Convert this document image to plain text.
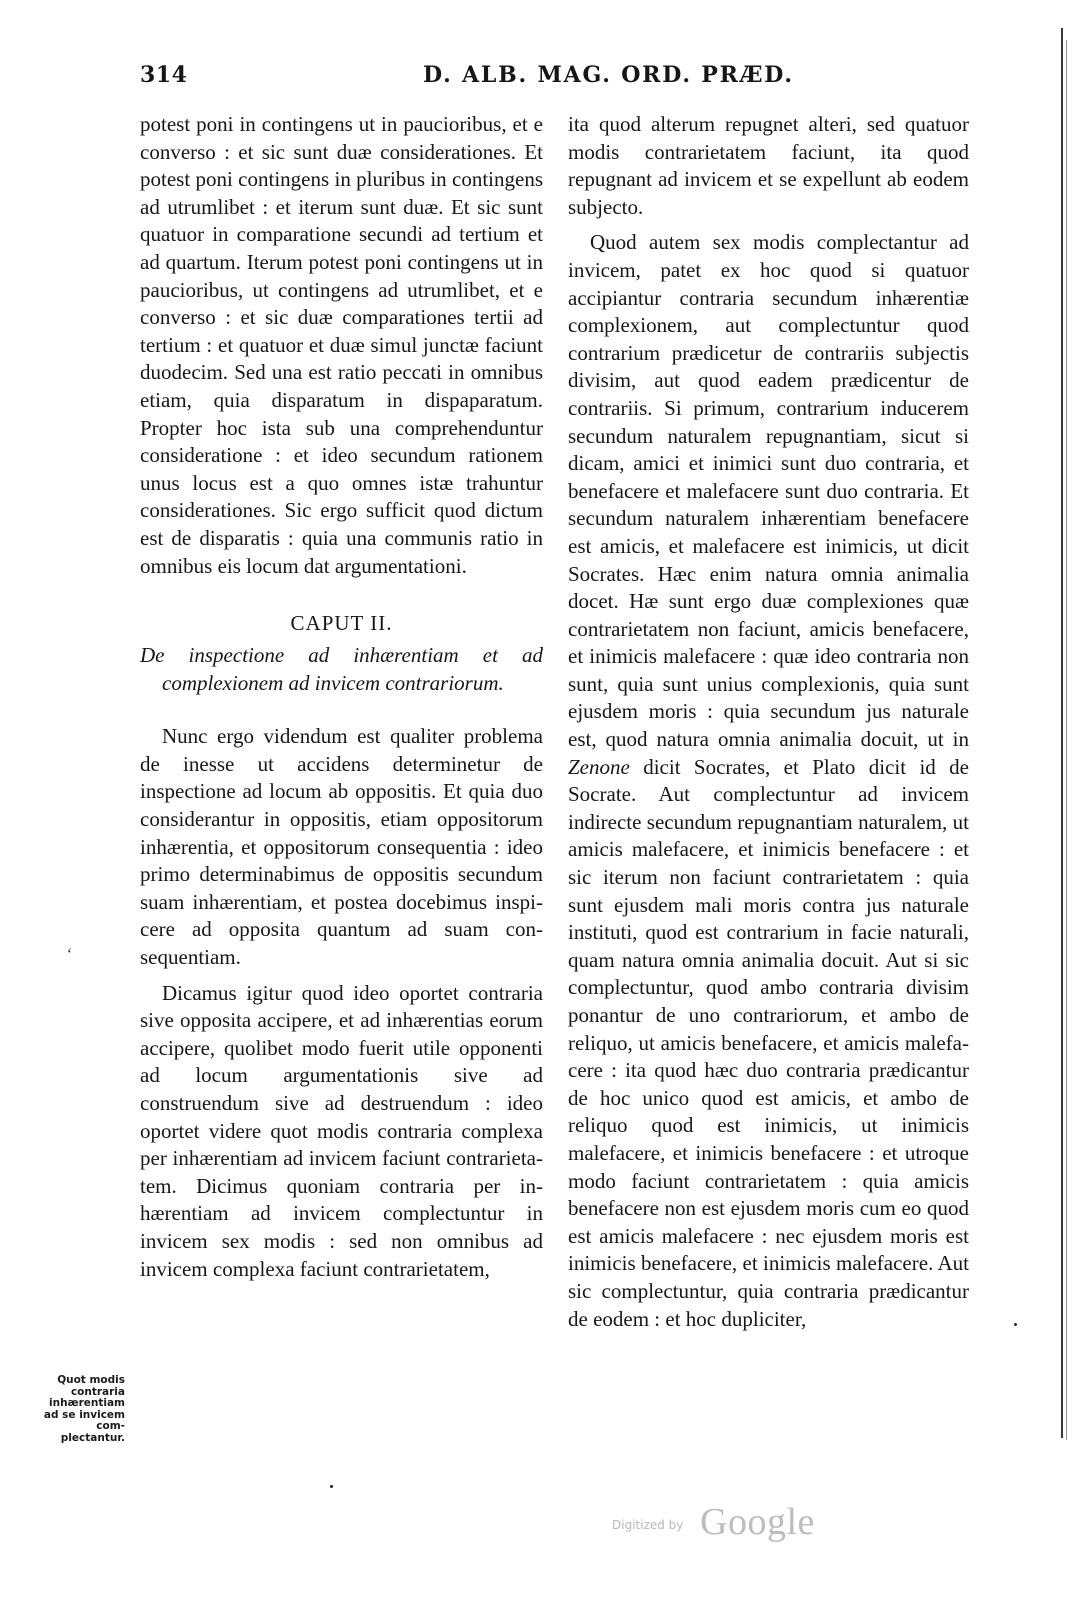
314	D. ALB. MAG. ORD. PRÆD.

potest poni in contingens ut in paucioribus, et e converso : et sic sunt duæ considerationes. Et potest poni contingens in pluribus in contingens ad utrumlibet : et iterum sunt duæ. Et sic sunt quatuor in comparatione secundi ad tertium et ad quartum. Iterum potest poni contingens ut in paucioribus, ut contingens ad utrumlibet, et e converso : et sic duæ comparationes tertii ad tertium : et quatuor et duæ simul junctæ faciunt duodecim. Sed una est ratio peccati in omnibus etiam, quia disparatum in dispaparatum. Propter hoc ista sub una comprehenduntur consideratione : et ideo secundum rationem unus locus est a quo omnes istæ trahuntur considerationes. Sic ergo sufficit quod dictum est de disparatis : quia una communis ratio in omnibus eis locum dat argumentationi.

CAPUT II.

De inspectione ad inhærentiam et ad complexionem ad invicem contrariorum.

Nunc ergo videndum est qualiter problema de inesse ut accidens determinetur de inspectione ad locum ab oppositis. Et quia duo considerantur in oppositis, etiam oppositorum inhærentia, et oppositorum consequentia : ideo primo determinabimus de oppositis secundum suam inhærentiam, et postea docebimus inspicere ad opposita quantum ad suam consequentiam.

Dicamus igitur quod ideo oportet contraria sive opposita accipere, et ad inhærentias eorum accipere, quolibet modo fuerit utile opponenti ad locum argumentationis sive ad construendum sive ad destruendum : ideo oportet videre quot modis contraria complexa per inhærentiam ad invicem faciunt contrarietatem. Dicimus quoniam contraria per inhærentiam ad invicem complectuntur in invicem sex modis : sed non omnibus ad invicem complexa faciunt contrarietatem,

ita quod alterum repugnet alteri, sed quatuor modis contrarietatem faciunt, ita quod repugnant ad invicem et se expellunt ab eodem subjecto.

Quod autem sex modis complectantur ad invicem, patet ex hoc quod si quatuor accipiantur contraria secundum inhærentiæ complexionem, aut complectuntur quod contrarium prædicetur de contrariis subjectis divisim, aut quod eadem prædicentur de contrariis. Si primum, contrarium inducerem secundum naturalem repugnantiam, sicut si dicam, amici et inimici sunt duo contraria, et benefacere et malefacere sunt duo contraria. Et secundum naturalem inhærentiam benefacere est amicis, et malefacere est inimicis, ut dicit Socrates. Hæc enim natura omnia animalia docet. Hæ sunt ergo duæ complexiones quæ contrarietatem non faciunt, amicis benefacere, et inimicis malefacere : quæ ideo contraria non sunt, quia sunt unius complexionis, quia sunt ejusdem moris : quia secundum jus naturale est, quod natura omnia animalia docuit, ut in Zenone dicit Socrates, et Plato dicit id de Socrate. Aut complectuntur ad invicem indirecte secundum repugnantiam naturalem, ut amicis malefacere, et inimicis benefacere : et sic iterum non faciunt contrarietatem : quia sunt ejusdem mali moris contra jus naturale instituti, quod est contrarium in facie naturali, quam natura omnia animalia docuit. Aut si sic complectuntur, quod ambo contraria divisim ponantur de uno contrariorum, et ambo de reliquo, ut amicis benefacere, et amicis malefacere : ita quod hæc duo contraria prædicantur de hoc unico quod est amicis, et ambo de reliquo quod est inimicis, ut inimicis malefacere, et inimicis benefacere : et utroque modo faciunt contrarietatem : quia amicis benefacere non est ejusdem moris cum eo quod est amicis malefacere : nec ejusdem moris est inimicis benefacere, et inimicis malefacere. Aut sic complectuntur, quia contraria prædicantur de eodem : et hoc dupliciter,

Quot modis contraria inhærentiam ad se invicem complectantur.
ʻ
Digitized by Google
